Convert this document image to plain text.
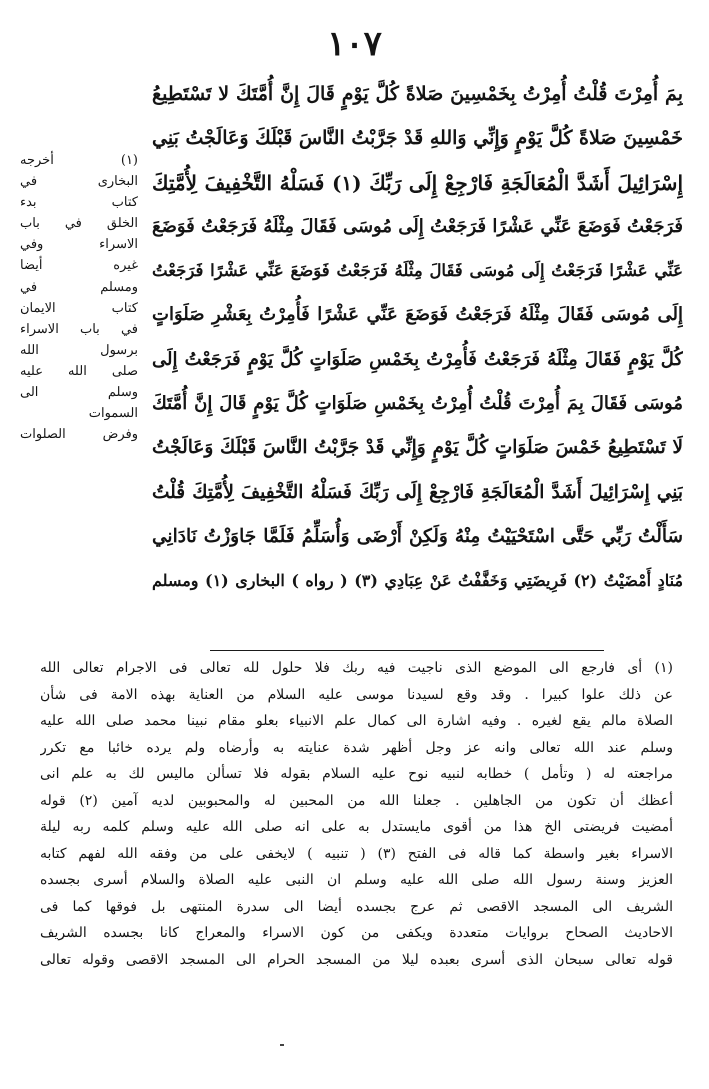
١٠٧
بِمَ أُمِرْتَ قُلْتُ أُمِرْتُ بِخَمْسِينَ صَلاةً كُلَّ يَوْمٍ قَالَ إِنَّ أُمَّتَكَ لا تَسْتَطِيعُ
خَمْسِينَ صَلاةً كُلَّ يَوْمٍ وَإِنِّي وَاللهِ قَدْ جَرَّبْتُ النَّاسَ قَبْلَكَ وَعَالَجْتُ بَنِي
إِسْرَائِيلَ أَشَدَّ الْمُعَالَجَةِ فَارْجِعْ إِلَى رَبِّكَ (١) فَسَلْهُ التَّخْفِيفَ لِأُمَّتِكَ
فَرَجَعْتُ فَوَضَعَ عَنِّي عَشْرًا فَرَجَعْتُ إِلَى مُوسَى فَقَالَ مِثْلَهُ فَرَجَعْتُ فَوَضَعَ
عَنِّي عَشْرًا فَرَجَعْتُ إِلَى مُوسَى فَقَالَ مِثْلَهُ فَرَجَعْتُ فَوَضَعَ عَنِّي عَشْرًا فَرَجَعْتُ
إِلَى مُوسَى فَقَالَ مِثْلَهُ فَرَجَعْتُ فَوَضَعَ عَنِّي عَشْرًا فَأُمِرْتُ بِعَشْرِ صَلَوَاتٍ
كُلَّ يَوْمٍ فَقَالَ مِثْلَهُ فَرَجَعْتُ فَأُمِرْتُ بِخَمْسِ صَلَوَاتٍ كُلَّ يَوْمٍ فَرَجَعْتُ إِلَى
مُوسَى فَقَالَ بِمَ أُمِرْتَ قُلْتُ أُمِرْتُ بِخَمْسِ صَلَوَاتٍ كُلَّ يَوْمٍ قَالَ إِنَّ أُمَّتَكَ
لَا تَسْتَطِيعُ خَمْسَ صَلَوَاتٍ كُلَّ يَوْمٍ وَإِنِّي قَدْ جَرَّبْتُ النَّاسَ قَبْلَكَ وَعَالَجْتُ
بَنِي إِسْرَائِيلَ أَشَدَّ الْمُعَالَجَةِ فَارْجِعْ إِلَى رَبِّكَ فَسَلْهُ التَّخْفِيفَ لِأُمَّتِكَ قُلْتُ
سَأَلْتُ رَبِّي حَتَّى اسْتَحْيَيْتُ مِنْهُ وَلَكِنْ أَرْضَى وَأُسَلِّمُ فَلَمَّا جَاوَزْتُ نَادَانِي
مُنَادٍ أَمْضَيْتُ (٢) فَرِيضَتِي وَخَفَّفْتُ عَنْ عِبَادِي (٣) ( رواه ) البخارى (١) ومسلم
(١) أخرجه
البخارى في
كتاب بدء
الخلق في باب
الاسراء وفي
غيره أيضا
ومسلم في
كتاب الايمان
في باب الاسراء
برسول الله
صلى الله عليه
وسلم الى
السموات
وفرض الصلوات
(١) أى فارجع الى الموضع الذى ناجيت فيه ربك فلا حلول لله تعالى فى الاجرام تعالى الله
عن ذلك علوا كبيرا . وقد وقع لسيدنا موسى عليه السلام من العناية بهذه الامة فى شأن
الصلاة مالم يقع لغيره . وفيه اشارة الى كمال علم الانبياء بعلو مقام نبينا محمد صلى الله عليه
وسلم عند الله تعالى وانه عز وجل أظهر شدة عنايته به وأرضاه ولم يرده خائبا مع تكرر
مراجعته له ( وتأمل ) خطابه لنبيه نوح عليه السلام بقوله فلا تسألن ماليس لك به علم انى
أعظك أن تكون من الجاهلين . جعلنا الله من المحبين له والمحبوبين لديه آمين (٢) قوله
أمضيت فريضتى الخ هذا من أقوى مايستدل به على انه صلى الله عليه وسلم كلمه ربه ليلة
الاسراء بغير واسطة كما قاله فى الفتح (٣) ( تنبيه ) لايخفى على من وفقه الله لفهم كتابه
العزيز وسنة رسول الله صلى الله عليه وسلم ان النبى عليه الصلاة والسلام أسرى بجسده
الشريف الى المسجد الاقصى ثم عرج بجسده أيضا الى سدرة المنتهى بل فوقها كما فى
الاحاديث الصحاح بروايات متعددة ويكفى من كون الاسراء والمعراج كانا بجسده الشريف
قوله تعالى سبحان الذى أسرى بعبده ليلا من المسجد الحرام الى المسجد الاقصى وقوله تعالى
